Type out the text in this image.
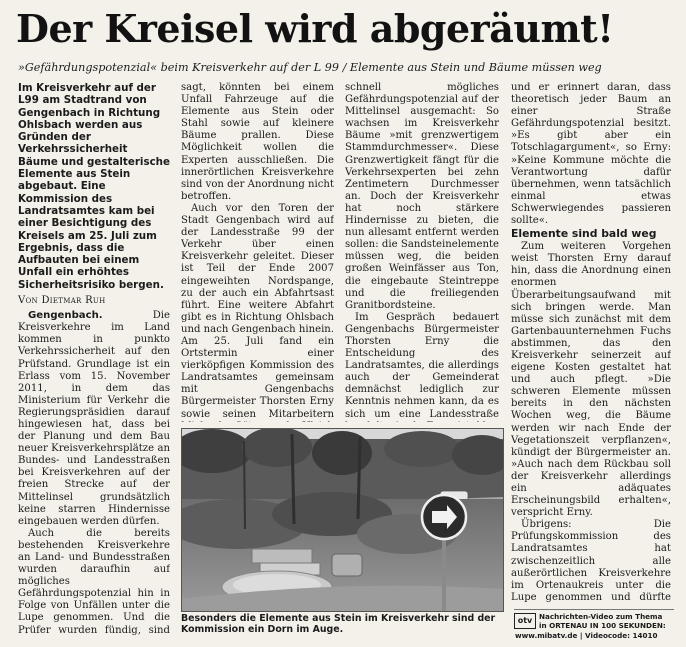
Der Kreisel wird abgeräumt!
»Gefährdungspotenzial« beim Kreisverkehr auf der L 99 / Elemente aus Stein und Bäume müssen weg
Im Kreisverkehr auf der L99 am Stadtrand von Gengenbach in Richtung Ohlsbach werden aus Gründen der Verkehrssicherheit Bäume und gestalterische Elemente aus Stein abgebaut. Eine Kommission des Landratsamtes kam bei einer Besichtigung des Kreisels am 25. Juli zum Ergebnis, dass die Aufbauten bei einem Unfall ein erhöhtes Sicherheitsrisiko bergen.
Von Dietmar Ruh

Gengenbach.	Die Kreisverkehre im Land kommen in punkto Verkehrssicherheit auf den Prüfstand. Grundlage ist ein Erlass vom 15. November 2011, in dem das Ministerium für Verkehr die Regierungspräsidien darauf hingewiesen hat, dass bei der Planung und dem Bau neuer Kreisverkehrsplätze an Bundes- und Landesstraßen bei Kreisverkehren auf der freien Strecke auf der Mittelinsel grundsätzlich keine starren Hindernisse eingebauen werden dürfen.

Auch die bereits bestehenden Kreisverkehre an Land- und Bundesstraßen wurden daraufhin auf mögliches Gefährdungspotenzial hin in Folge von Unfällen unter die Lupe genommen. Und die Prüfer wurden fündig, sind

sagt, könnten bei einem Unfall Fahrzeuge auf die Elemente aus Stein oder Stahl sowie auf kleinere Bäume prallen. Diese Möglichkeit wollen die Experten ausschließen. Die innerörtlichen Kreisverkehre sind von der Anordnung nicht betroffen.

Auch vor den Toren der Stadt Gengenbach wird auf der Landesstraße 99 der Verkehr über einen Kreisverkehr geleitet. Dieser ist Teil der Ende 2007 eingeweihten Nordspange, zu der auch ein Abfahrtsast führt. Eine weitere Abfahrt gibt es in Richtung Ohlsbach und nach Gengenbach hinein. Am 25. Juli fand ein Ortstermin einer vierköpfigen Kommission des Landratsamtes gemeinsam mit Gengenbachs Bürgermeister Thorsten Erny sowie seinen Mitarbeitern

schnell mögliches Gefährdungspotenzial auf der Mittelinsel ausgemacht: So wachsen im Kreisverkehr Bäume »mit grenzwertigem Stammdurchmesser«. Diese Grenzwertigkeit fängt für die Verkehrsexperten bei zehn Zentimetern Durchmesser an. Doch der Kreisverkehr hat noch stärkere Hindernisse zu bieten, die nun allesamt entfernt werden sollen: die Sandsteinelemente müssen weg, die beiden großen Weinfässer aus Ton, die eingebaute Steintreppe und die freiliegenden Granitbordsteine.

Im Gespräch bedauert Gengenbachs Bürgermeister Thorsten Erny die Entscheidung des Landratsamtes, die allerdings auch der Gemeinderat demnächst lediglich zur Kenntnis nehmen kann, da es sich um eine Landesstraße

und er erinnert daran, dass theoretisch jeder Baum an einer Straße Gefährdungspotenzial besitzt. »Es gibt aber ein Totschlagargument«, so Erny: »Keine Kommune möchte die Verantwortung dafür übernehmen, wenn tatsächlich einmal etwas Schwerwiegendes passieren sollte«.

Elemente sind bald weg

Zum weiteren Vorgehen weist Thorsten Erny darauf hin, dass die Anordnung einen enormen Überarbeitungsaufwand mit sich bringen werde. Man müsse sich zunächst mit dem Gartenbauunternehmen Fuchs abstimmen, das den Kreisverkehr seinerzeit auf eigene Kosten gestaltet hat und auch pflegt. »Die schweren Elemente müssen bereits in den nächsten Wochen weg, die Bäume werden wir nach Ende der Vegetationszeit verpflanzen«, kündigt der Bürgermeister an. »Auch nach dem Rückbau soll der Kreisverkehr allerdings ein adäquates Erscheinungsbild erhalten«, verspricht Erny.

Übrigens: Die Prüfungskommission des Landratsamtes hat zwischenzeitlich alle außerörtlichen Kreisverkehre im Ortenaukreis unter die Lupe genommen und dürfte

Besonders die Elemente aus Stein im Kreisverkehr sind der Kommission ein Dorn im Auge.
otv Nachrichten-Video zum Thema
in ORTENAU IN 100 SEKUNDEN:
www.mibatv.de | Videocode: 14010
